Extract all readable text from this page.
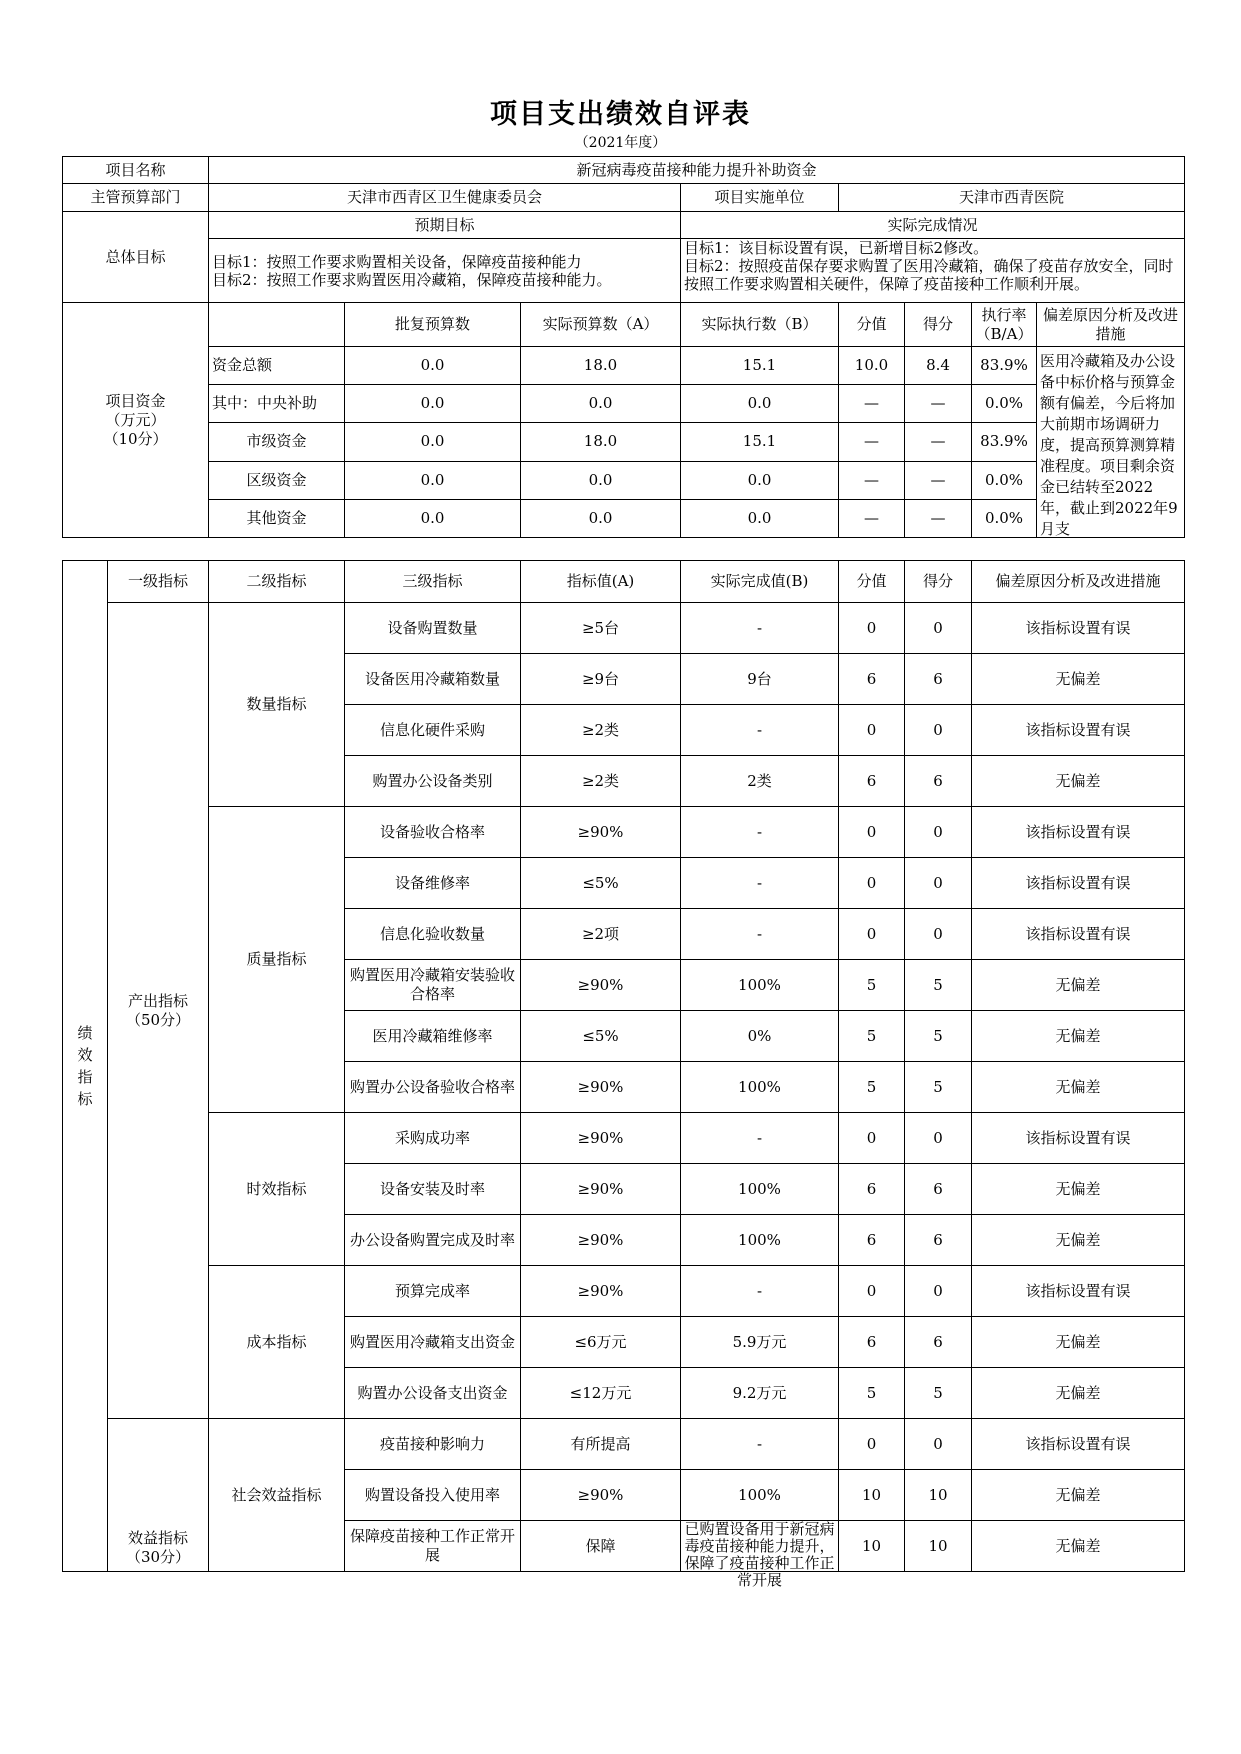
项目支出绩效自评表
（2021年度）
项目名称	新冠病毒疫苗接种能力提升补助资金							
主管预算部门	天津市西青区卫生健康委员会			项目实施单位	天津市西青医院			
总体目标	预期目标			实际完成情况				
	目标1：按照工作要求购置相关设备，保障疫苗接种能力
目标2：按照工作要求购置医用冷藏箱，保障疫苗接种能力。			目标1：该目标设置有误，已新增目标2修改。
目标2：按照疫苗保存要求购置了医用冷藏箱，确保了疫苗存放安全，同时按照工作要求购置相关硬件，保障了疫苗接种工作顺利开展。				

项目资金
（万元）
（10分）		批复预算数	实际预算数（A）	实际执行数（B）	分值	得分	执行率（B/A）	偏差原因分析及改进措施
	资金总额	0.0	18.0	15.1	10.0	8.4	83.9%	医用冷藏箱及办公设备中标价格与预算金额有偏差，今后将加大前期市场调研力度，提高预算测算精准程度。项目剩余资金已结转至2022年，截止到2022年9月支

	其中：中央补助	0.0	0.0	0.0	—	—	0.0%	
	市级资金	0.0	18.0	15.1	—	—	83.9%	
	区级资金	0.0	0.0	0.0	—	—	0.0%	
	其他资金	0.0	0.0	0.0	—	—	0.0%	
绩效指标	一级指标	二级指标	三级指标	指标值(A)	实际完成值(B)	分值	得分	偏差原因分析及改进措施

	产出指标
（50分）	数量指标	设备购置数量	≥5台	-	0	0	该指标设置有误
			设备医用冷藏箱数量	≥9台	9台	6	6	无偏差
			信息化硬件采购	≥2类	-	0	0	该指标设置有误
			购置办公设备类别	≥2类	2类	6	6	无偏差
		质量指标	设备验收合格率	≥90%	-	0	0	该指标设置有误
			设备维修率	≤5%	-	0	0	该指标设置有误
			信息化验收数量	≥2项	-	0	0	该指标设置有误
			购置医用冷藏箱安装验收合格率	≥90%	100%	5	5	无偏差
			医用冷藏箱维修率	≤5%	0%	5	5	无偏差
			购置办公设备验收合格率	≥90%	100%	5	5	无偏差
		时效指标	采购成功率	≥90%	-	0	0	该指标设置有误
			设备安装及时率	≥90%	100%	6	6	无偏差
			办公设备购置完成及时率	≥90%	100%	6	6	无偏差
		成本指标	预算完成率	≥90%	-	0	0	该指标设置有误
			购置医用冷藏箱支出资金	≤6万元	5.9万元	6	6	无偏差
			购置办公设备支出资金	≤12万元	9.2万元	5	5	无偏差

	效益指标
（30分）	社会效益指标	疫苗接种影响力	有所提高	-	0	0	该指标设置有误
			购置设备投入使用率	≥90%	100%	10	10	无偏差
			保障疫苗接种工作正常开展	保障	已购置设备用于新冠病毒疫苗接种能力提升，保障了疫苗接种工作正常开展	10	10	无偏差
